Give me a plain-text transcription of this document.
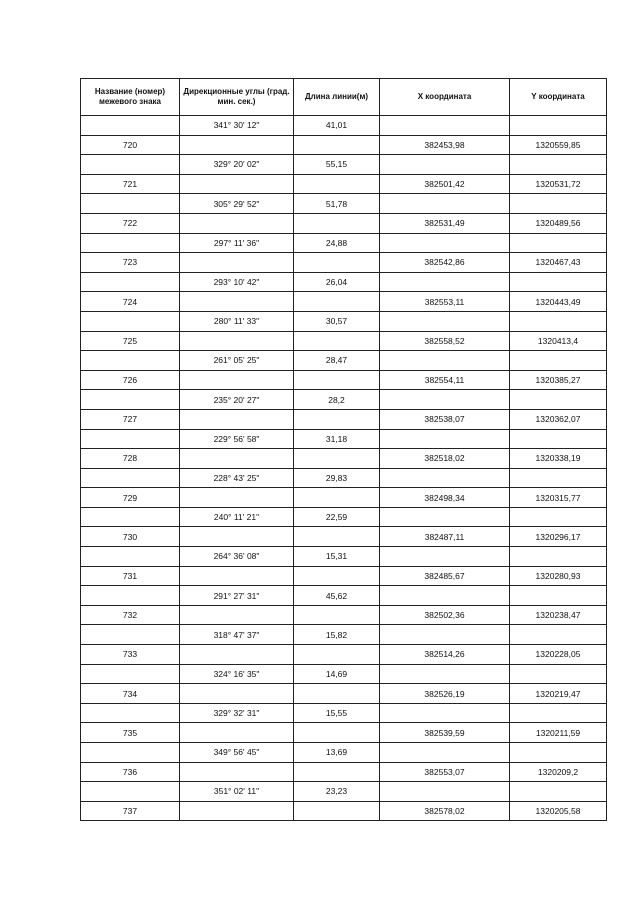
Название (номер) межевого знака	Дирекционные углы (град. мин. сек.)	Длина линии(м)	X координата	Y координата
	341° 30' 12"	41,01		
720			382453,98	1320559,85
	329° 20' 02"	55,15		
721			382501,42	1320531,72
	305° 29' 52"	51,78		
722			382531,49	1320489,56
	297° 11' 36"	24,88		
723			382542,86	1320467,43
	293° 10' 42"	26,04		
724			382553,11	1320443,49
	280° 11' 33"	30,57		
725			382558,52	1320413,4
	261° 05' 25"	28,47		
726			382554,11	1320385,27
	235° 20' 27"	28,2		
727			382538,07	1320362,07
	229° 56' 58"	31,18		
728			382518,02	1320338,19
	228° 43' 25"	29,83		
729			382498,34	1320315,77
	240° 11' 21"	22,59		
730			382487,11	1320296,17
	264° 36' 08"	15,31		
731			382485,67	1320280,93
	291° 27' 31"	45,62		
732			382502,36	1320238,47
	318° 47' 37"	15,82		
733			382514,26	1320228,05
	324° 16' 35"	14,69		
734			382526,19	1320219,47
	329° 32' 31"	15,55		
735			382539,59	1320211,59
	349° 56' 45"	13,69		
736			382553,07	1320209,2
	351° 02' 11"	23,23		
737			382578,02	1320205,58
